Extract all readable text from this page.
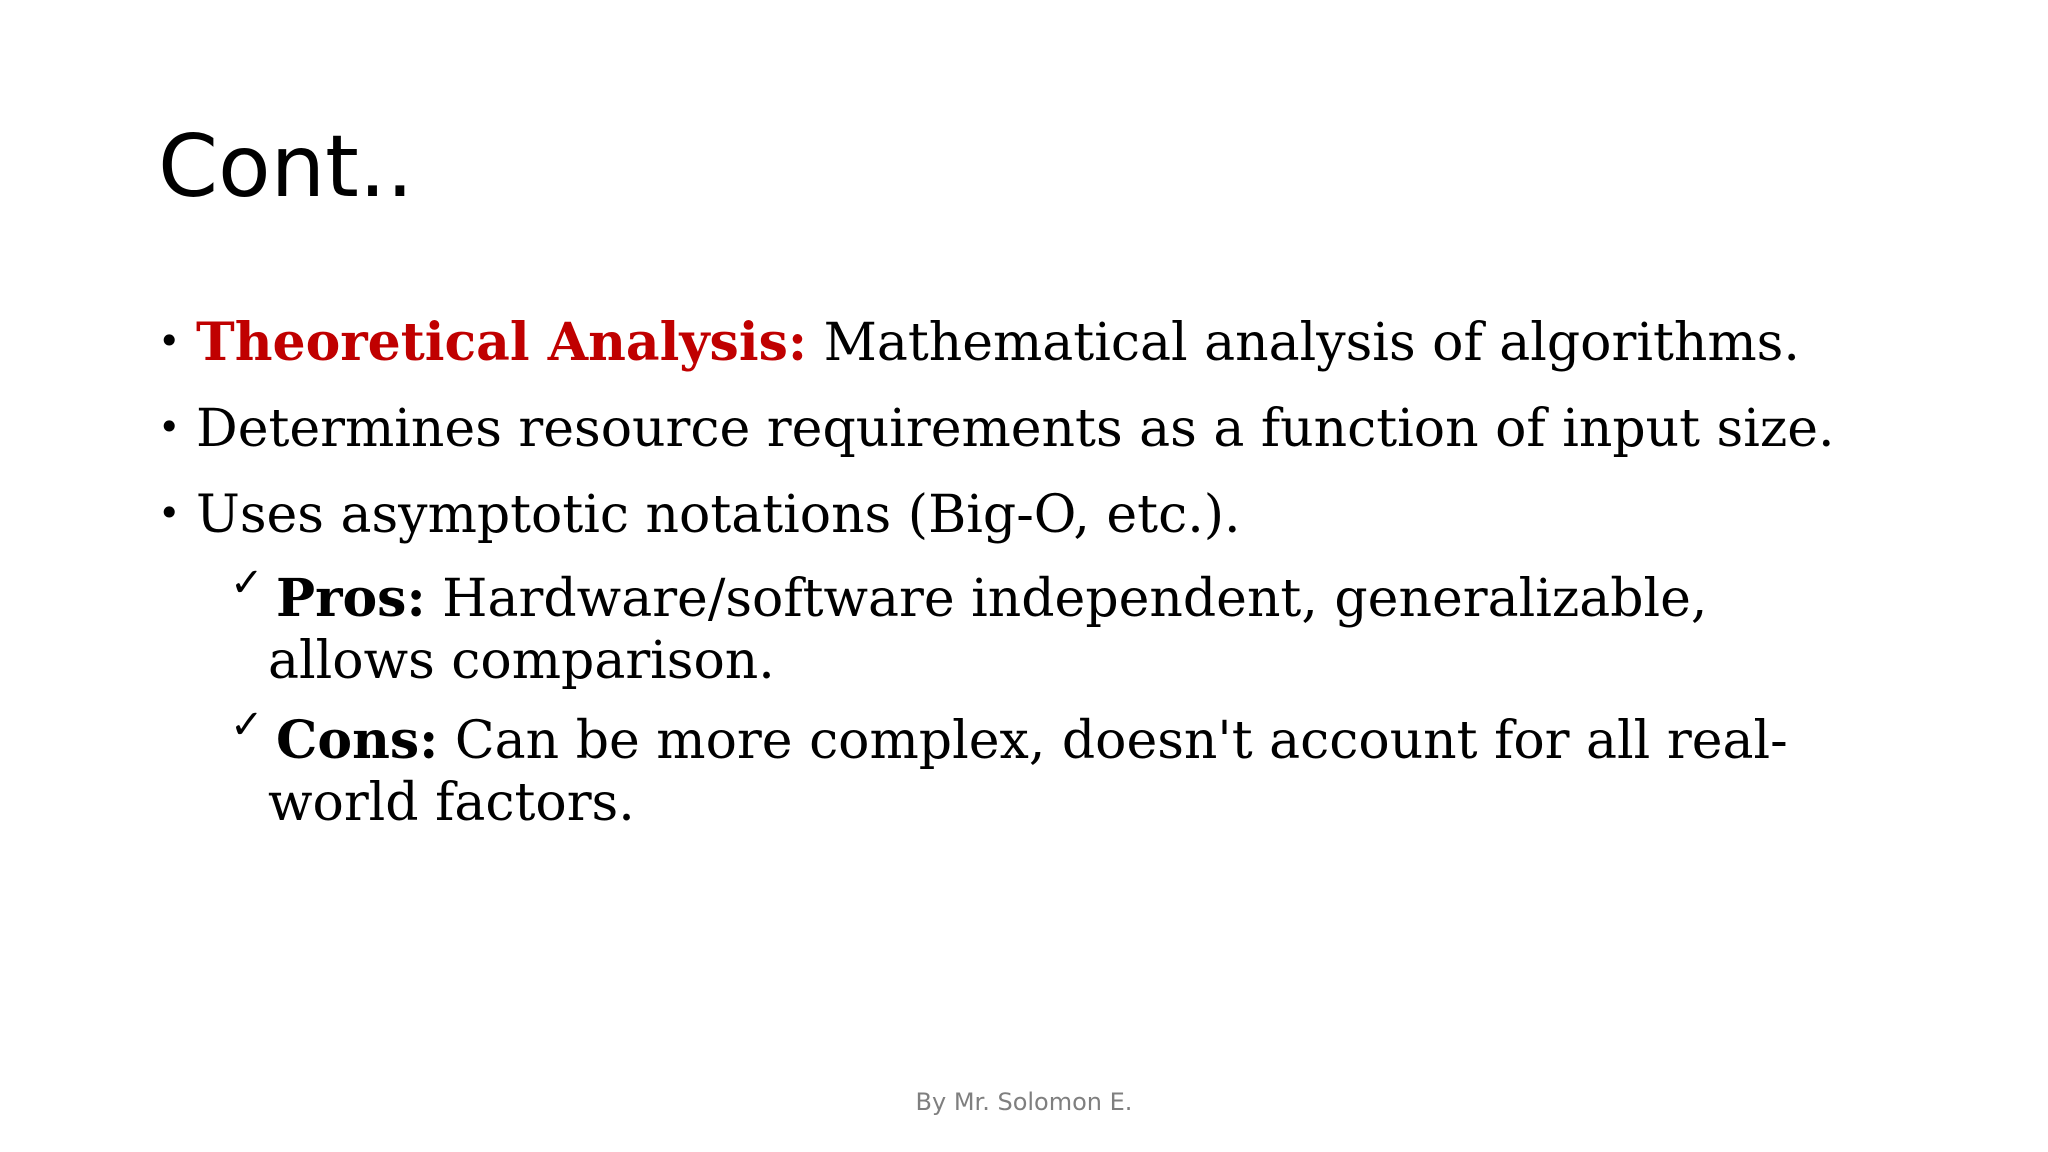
Cont..
• Theoretical Analysis: Mathematical analysis of algorithms.
• Determines resource requirements as a function of input size.
• Uses asymptotic notations (Big-O, etc.).
✓ Pros: Hardware/software independent, generalizable,
allows comparison.
✓ Cons: Can be more complex, doesn't account for all real-
world factors.
By Mr. Solomon E.
